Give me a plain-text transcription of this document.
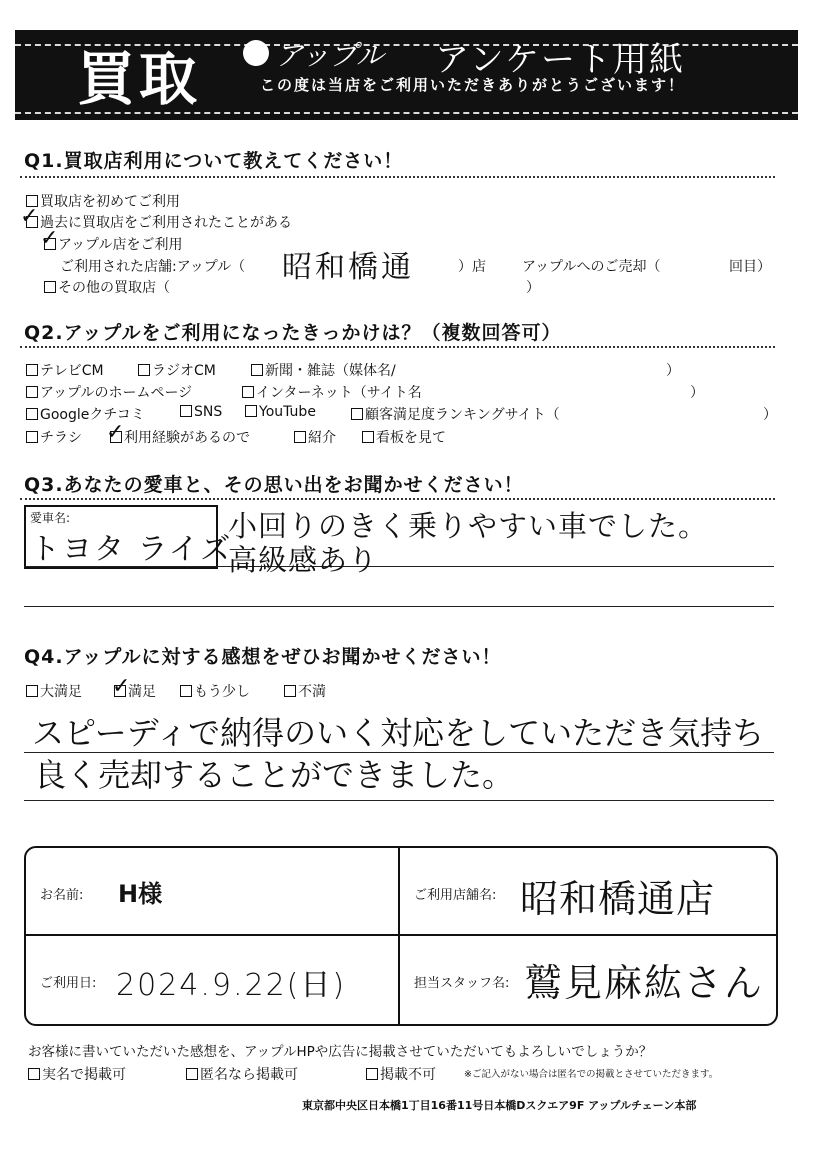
買取	アップル アンケート用紙
この度は当店をご利用いただきありがとうございます！
Q1.買取店利用について教えてください！
買取店を初めてご利用
過去に買取店をご利用されたことがある
✓
アップル店をご利用
✓
ご利用された店舗:アップル（ 昭和橋通	）店	アップルへのご売却（	回目）
その他の買取店（	）
Q2.アップルをご利用になったきっかけは？（複数回答可）
テレビCM	ラジオCM	新聞・雑誌（媒体名/	）
アップルのホームページ	インターネット（サイト名	）
Googleクチコミ	SNS	YouTube	顧客満足度ランキングサイト（	）
チラシ	利用経験があるので
✓	紹介	看板を見て
Q3.あなたの愛車と、その思い出をお聞かせください！
愛車名:
トヨタ ライズ
小回りのきく乗りやすい車でした。
高級感あり
Q4.アップルに対する感想をぜひお聞かせください！
大満足	満足
✓	もう少し	不満
スピーディで納得のいく対応をしていただき気持ち
良く売却することができました。
お名前: H様	ご利用店舗名: 昭和橋通店
ご利用日: 2024.9.22(日)	担当スタッフ名: 鷲見麻紘さん
お客様に書いていただいた感想を、アップルHPや広告に掲載させていただいてもよろしいでしょうか？
実名で掲載可	匿名なら掲載可	掲載不可	※ご記入がない場合は匿名での掲載とさせていただきます。
東京都中央区日本橋1丁目16番11号日本橋Dスクエア9F アップルチェーン本部
